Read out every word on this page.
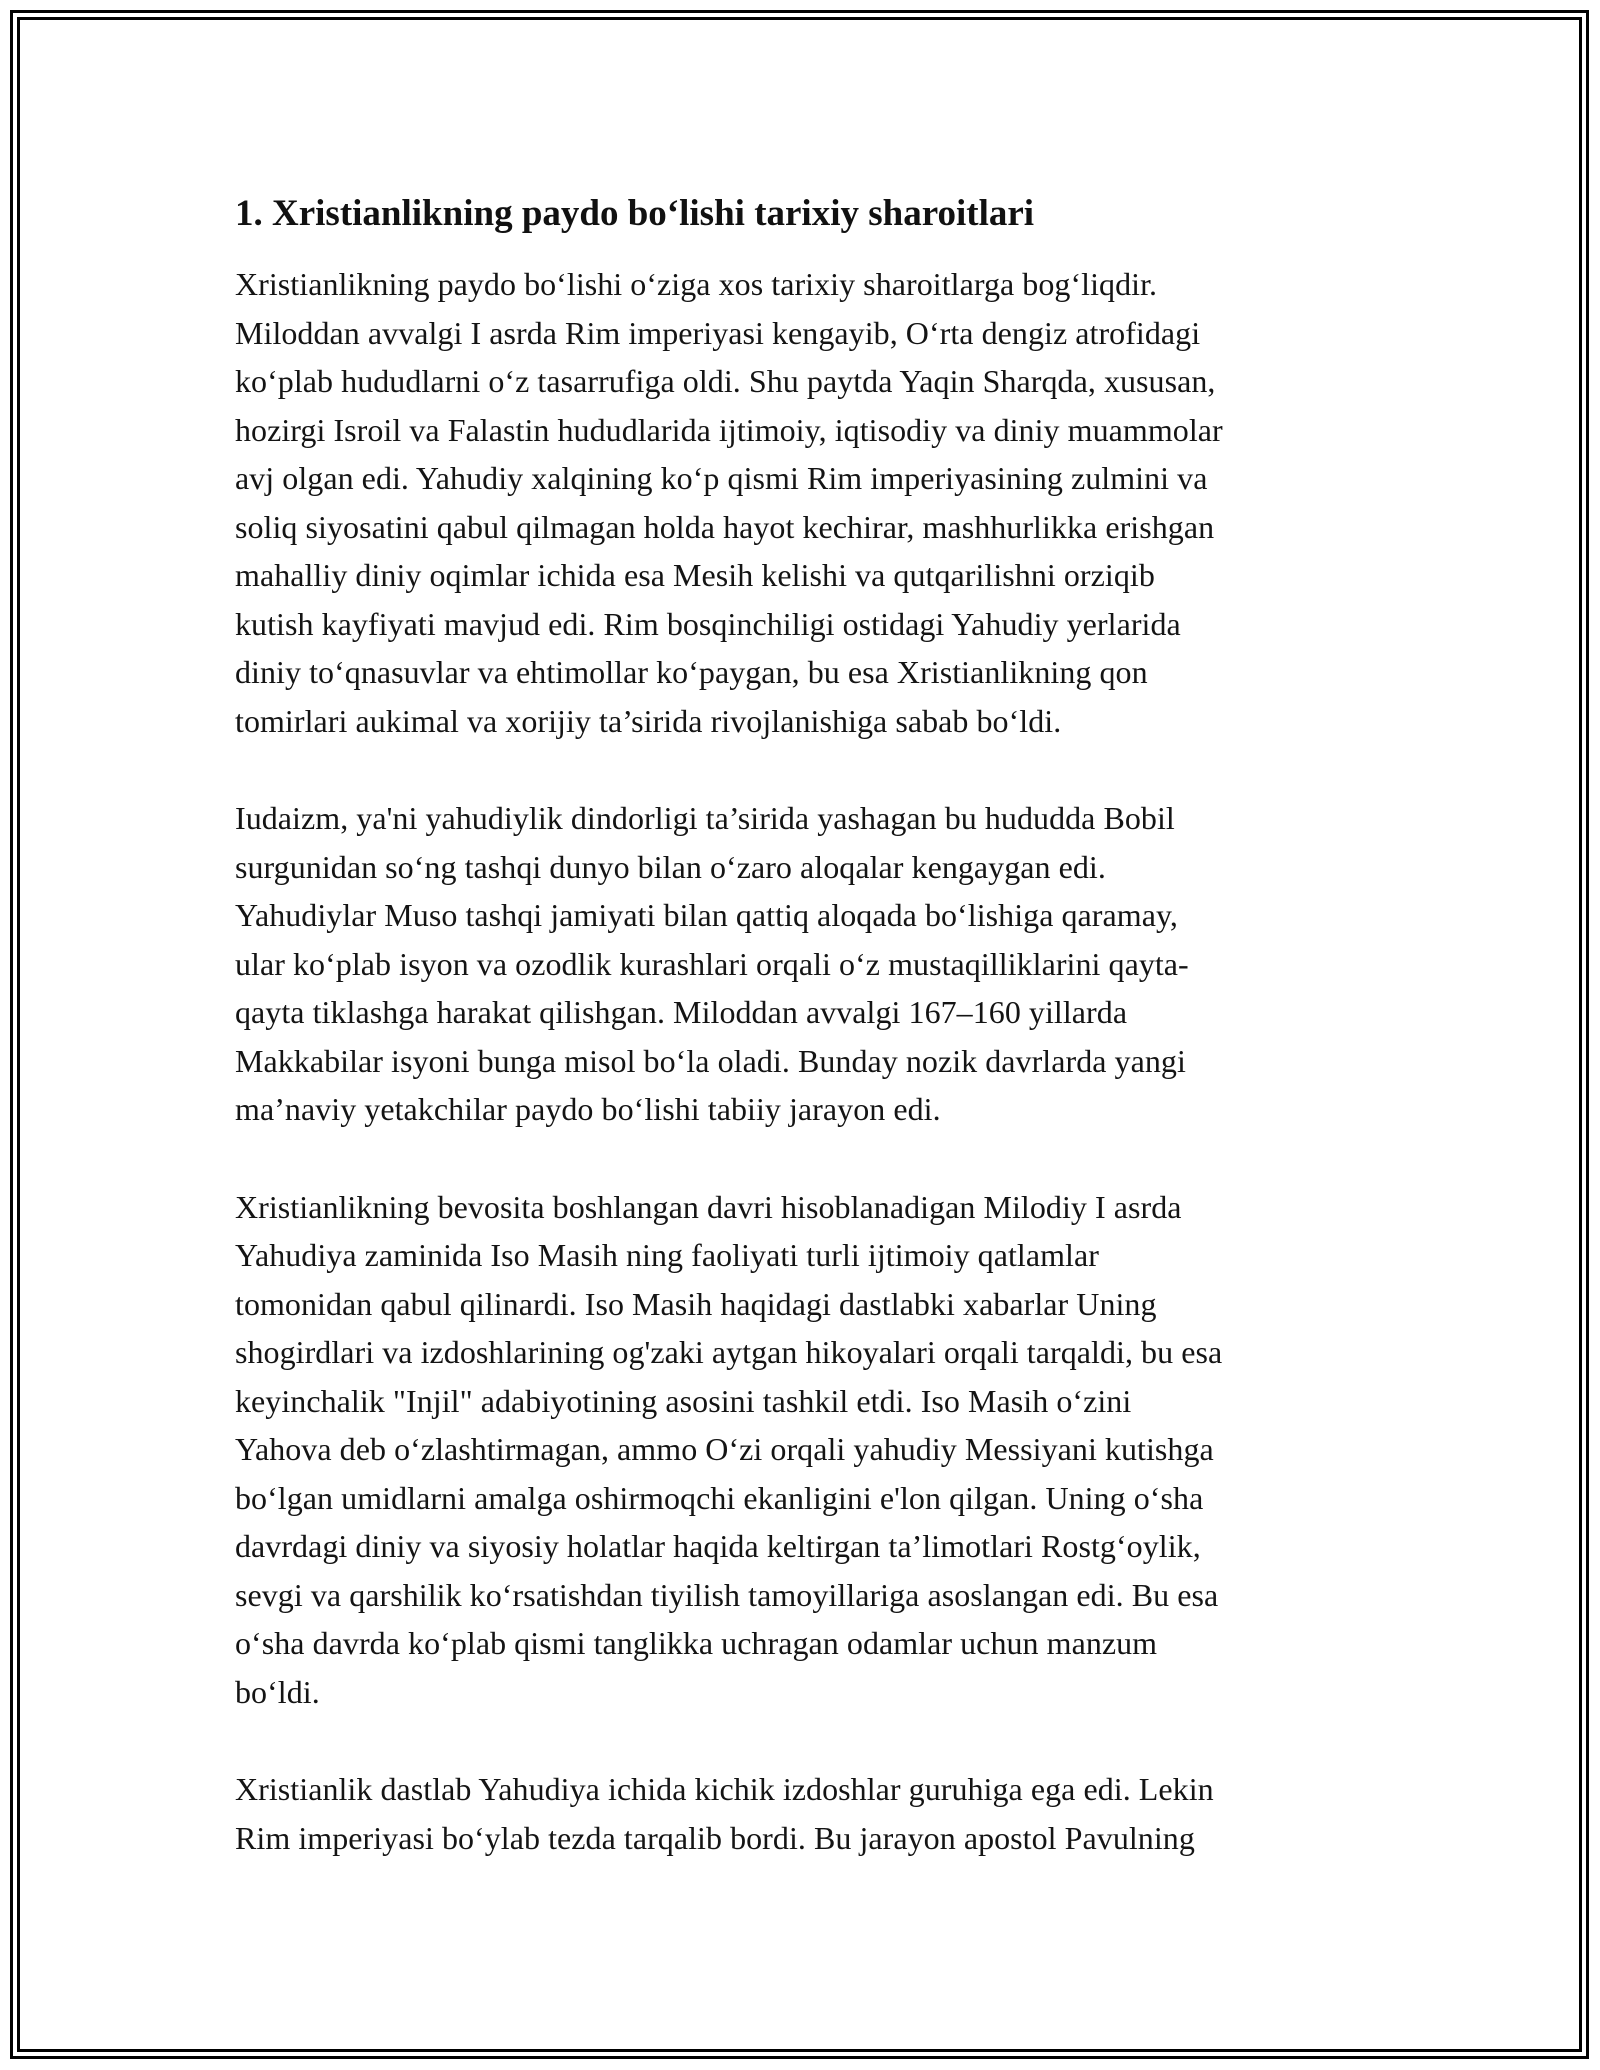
1. Xristianlikning paydo boʻlishi tarixiy sharoitlari
Xristianlikning paydo boʻlishi oʻziga xos tarixiy sharoitlarga bogʻliqdir.
Miloddan avvalgi I asrda Rim imperiyasi kengayib, Oʻrta dengiz atrofidagi
koʻplab hududlarni oʻz tasarrufiga oldi. Shu paytda Yaqin Sharqda, xususan,
hozirgi Isroil va Falastin hududlarida ijtimoiy, iqtisodiy va diniy muammolar
avj olgan edi. Yahudiy xalqining koʻp qismi Rim imperiyasining zulmini va
soliq siyosatini qabul qilmagan holda hayot kechirar, mashhurlikka erishgan
mahalliy diniy oqimlar ichida esa Mesih kelishi va qutqarilishni orziqib
kutish kayfiyati mavjud edi. Rim bosqinchiligi ostidagi Yahudiy yerlarida
diniy toʻqnasuvlar va ehtimollar koʻpaygan, bu esa Xristianlikning qon
tomirlari aukimal va xorijiy ta’sirida rivojlanishiga sabab boʻldi.
Iudaizm, ya'ni yahudiylik dindorligi ta’sirida yashagan bu hududda Bobil
surgunidan soʻng tashqi dunyo bilan oʻzaro aloqalar kengaygan edi.
Yahudiylar Muso tashqi jamiyati bilan qattiq aloqada boʻlishiga qaramay,
ular koʻplab isyon va ozodlik kurashlari orqali oʻz mustaqilliklarini qayta-
qayta tiklashga harakat qilishgan. Miloddan avvalgi 167–160 yillarda
Makkabilar isyoni bunga misol boʻla oladi. Bunday nozik davrlarda yangi
ma’naviy yetakchilar paydo boʻlishi tabiiy jarayon edi.
Xristianlikning bevosita boshlangan davri hisoblanadigan Milodiy I asrda
Yahudiya zaminida Iso Masih ning faoliyati turli ijtimoiy qatlamlar
tomonidan qabul qilinardi. Iso Masih haqidagi dastlabki xabarlar Uning
shogirdlari va izdoshlarining og'zaki aytgan hikoyalari orqali tarqaldi, bu esa
keyinchalik "Injil" adabiyotining asosini tashkil etdi. Iso Masih oʻzini
Yahova deb oʻzlashtirmagan, ammo Oʻzi orqali yahudiy Messiyani kutishga
boʻlgan umidlarni amalga oshirmoqchi ekanligini e'lon qilgan. Uning oʻsha
davrdagi diniy va siyosiy holatlar haqida keltirgan ta’limotlari Rostgʻoylik,
sevgi va qarshilik koʻrsatishdan tiyilish tamoyillariga asoslangan edi. Bu esa
oʻsha davrda koʻplab qismi tanglikka uchragan odamlar uchun manzum
boʻldi.
Xristianlik dastlab Yahudiya ichida kichik izdoshlar guruhiga ega edi. Lekin
Rim imperiyasi boʻylab tezda tarqalib bordi. Bu jarayon apostol Pavulning
